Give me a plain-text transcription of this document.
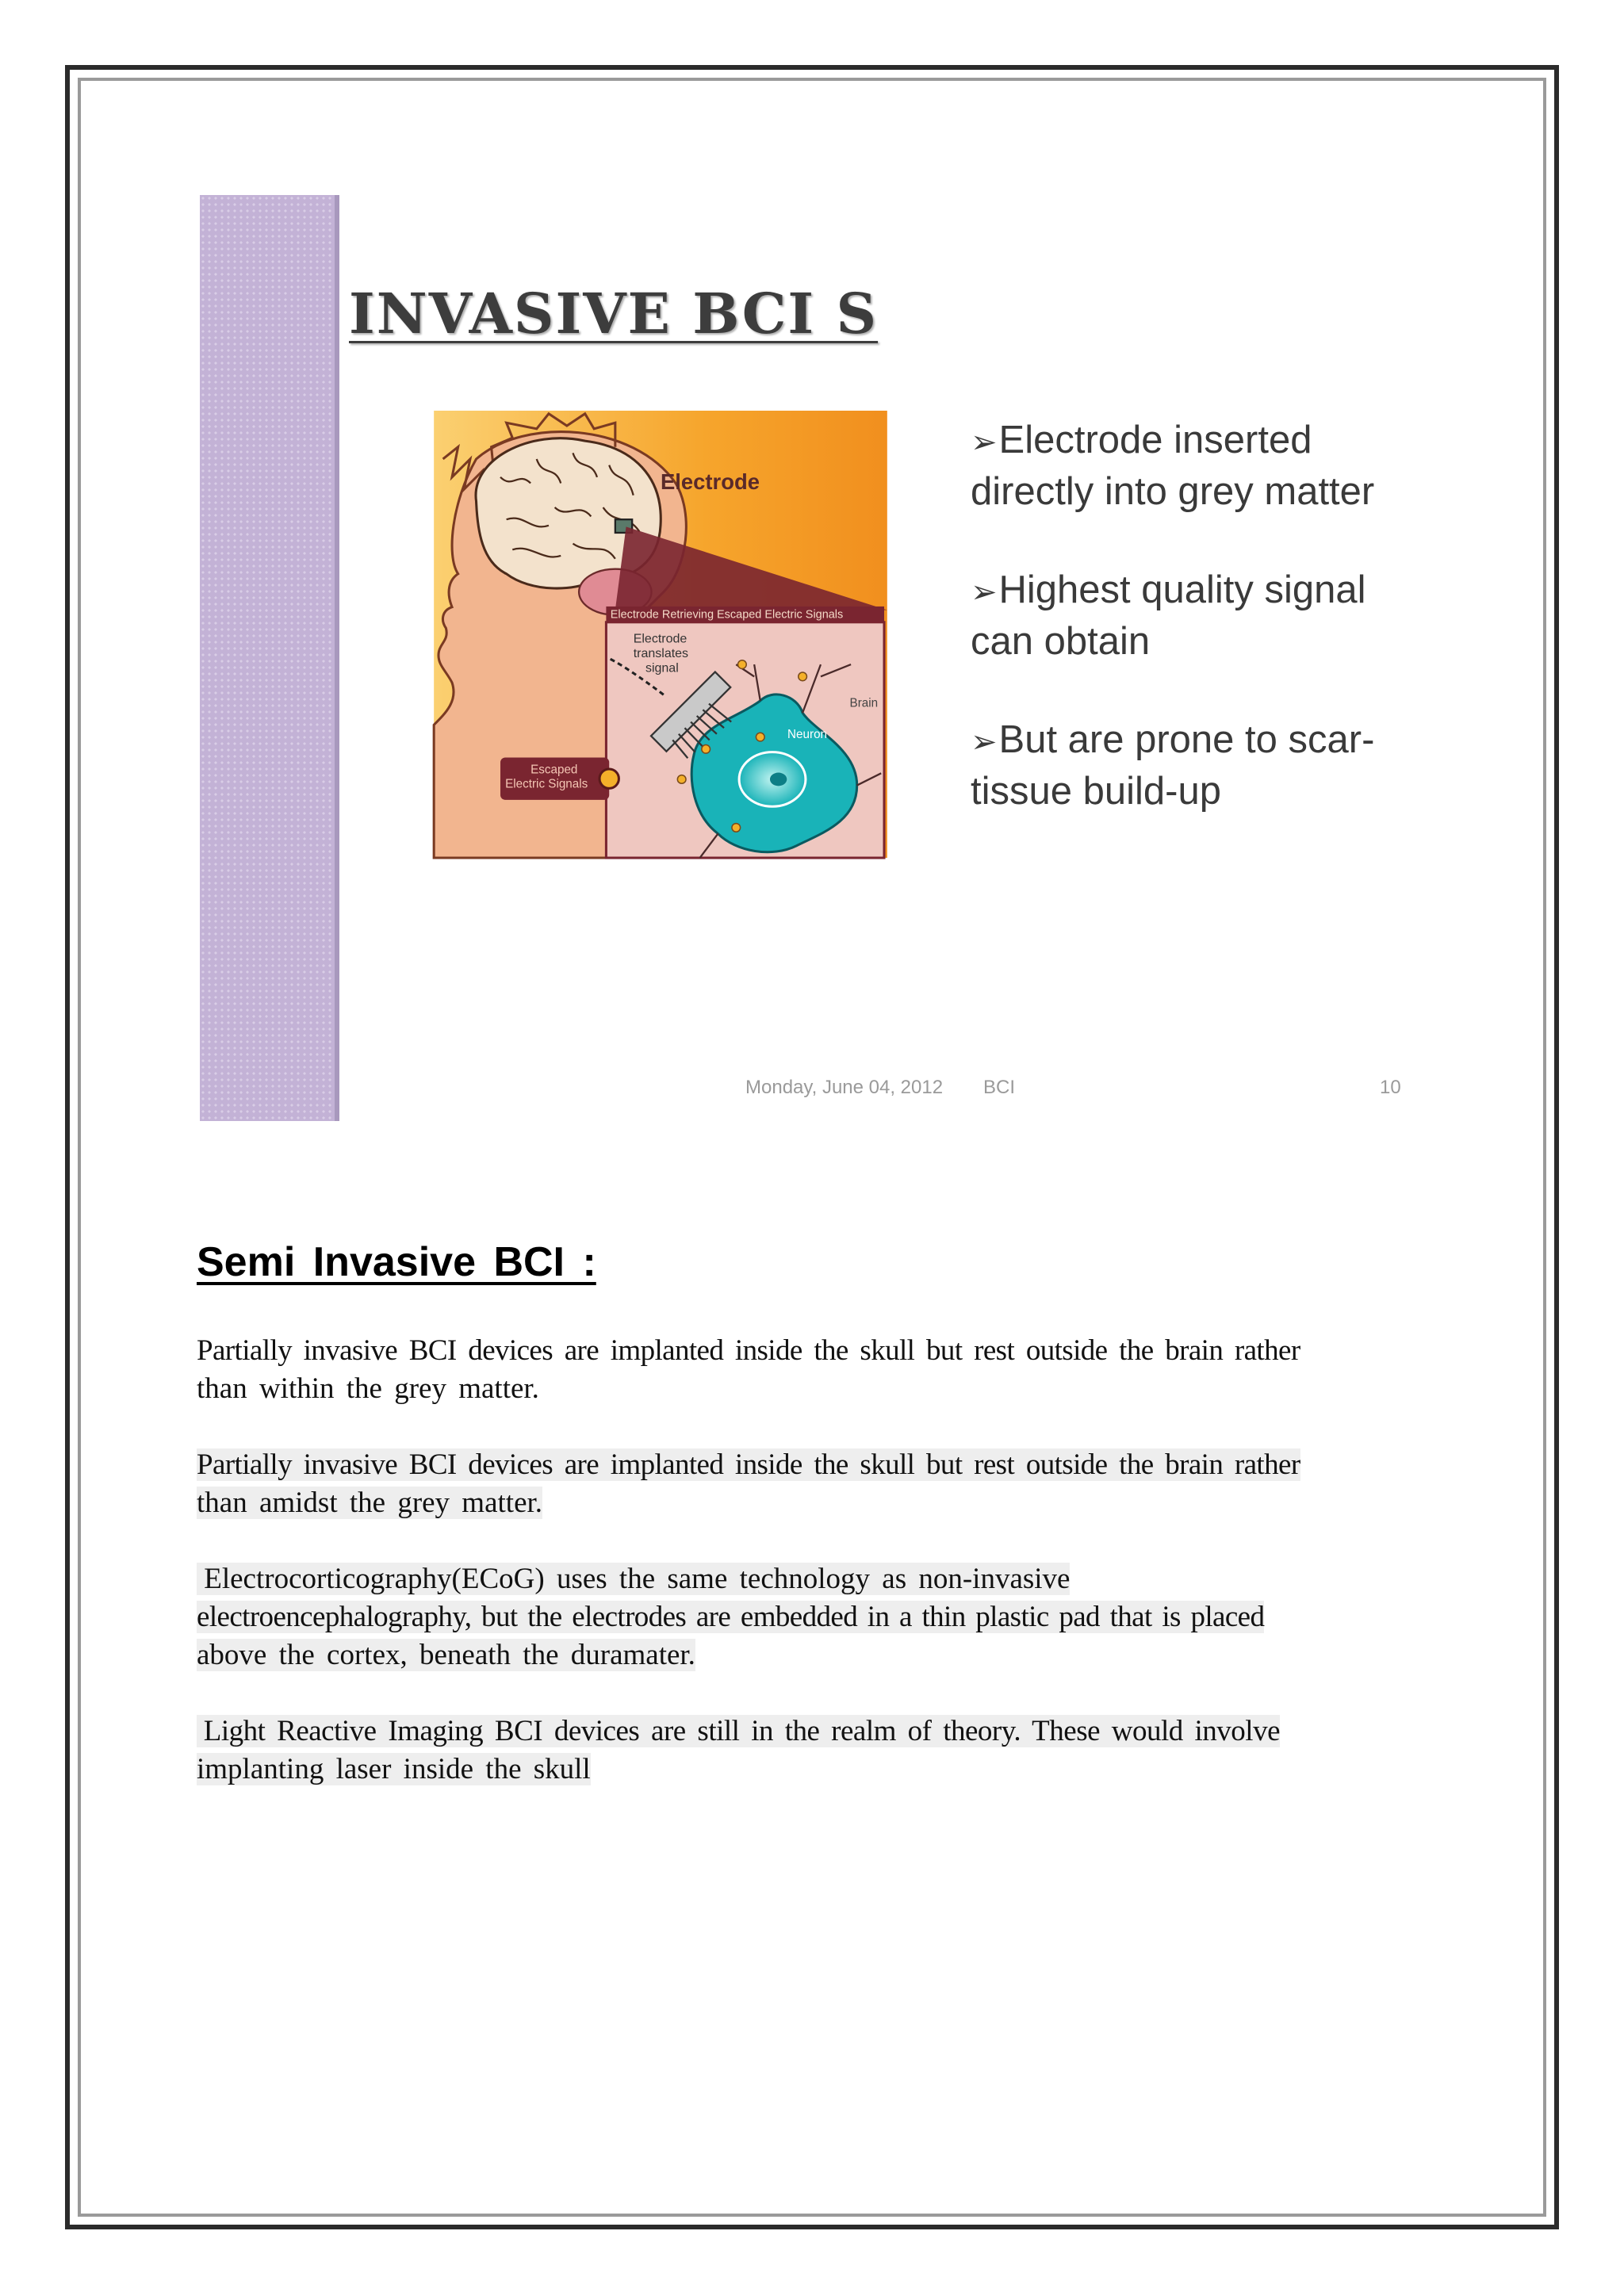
INVASIVE BCI S
Electrode
Electrode Retrieving Escaped Electric Signals
Electrode
translates
signal
Brain
Neuron
Escaped
Electric Signals
➢Electrode inserted directly into grey matter
➢Highest quality signal can obtain
➢But are prone to scar-tissue build-up
Monday, June 04, 2012 BCI	10
Semi Invasive BCI :
Partially invasive BCI devices are implanted inside the skull but rest outside the brain rather
than within the grey matter.
Partially invasive BCI devices are implanted inside the skull but rest outside the brain rather
than amidst the grey matter.
Electrocorticography(ECoG) uses the same technology as non-invasive
electroencephalography, but the electrodes are embedded in a thin plastic pad that is placed
above the cortex, beneath the duramater.
Light Reactive Imaging BCI devices are still in the realm of theory. These would involve
implanting laser inside the skull
